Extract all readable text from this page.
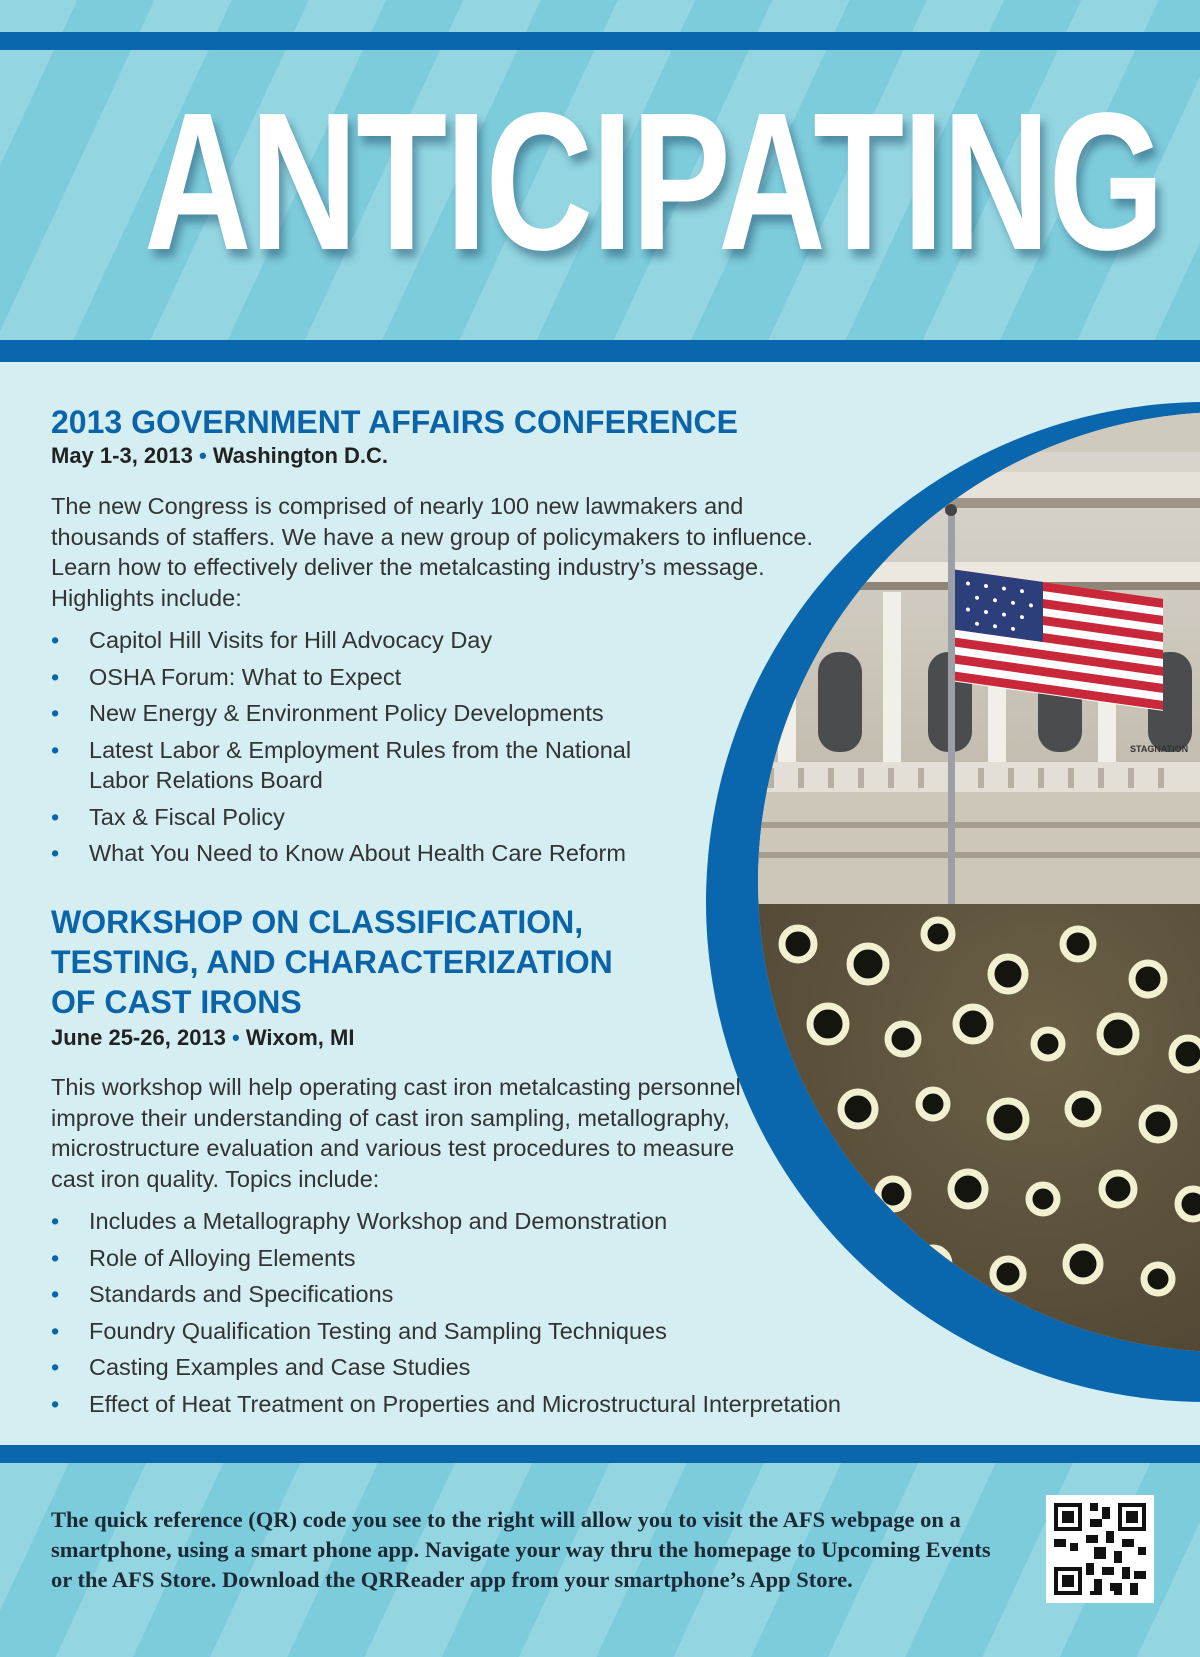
ANTICIPATING
STAGNATION
2013 GOVERNMENT AFFAIRS CONFERENCE

May 1-3, 2013 • Washington D.C.

The new Congress is comprised of nearly 100 new lawmakers and thousands of staffers. We have a new group of policymakers to influence. Learn how to effectively deliver the metalcasting industry’s message. Highlights include:

• Capitol Hill Visits for Hill Advocacy Day
• OSHA Forum: What to Expect
• New Energy & Environment Policy Developments
• Latest Labor & Employment Rules from the National Labor Relations Board
• Tax & Fiscal Policy
• What You Need to Know About Health Care Reform
WORKSHOP ON CLASSIFICATION,
TESTING, AND CHARACTERIZATION
OF CAST IRONS

June 25-26, 2013 • Wixom, MI

This workshop will help operating cast iron metalcasting personnel improve their understanding of cast iron sampling, metallography, microstructure evaluation and various test procedures to measure cast iron quality. Topics include:

• Includes a Metallography Workshop and Demonstration
• Role of Alloying Elements
• Standards and Specifications
• Foundry Qualification Testing and Sampling Techniques
• Casting Examples and Case Studies
• Effect of Heat Treatment on Properties and Microstructural Interpretation

The quick reference (QR) code you see to the right will allow you to visit the AFS webpage on a smartphone, using a smart phone app. Navigate your way thru the homepage to Upcoming Events or the AFS Store. Download the QRReader app from your smartphone’s App Store.
